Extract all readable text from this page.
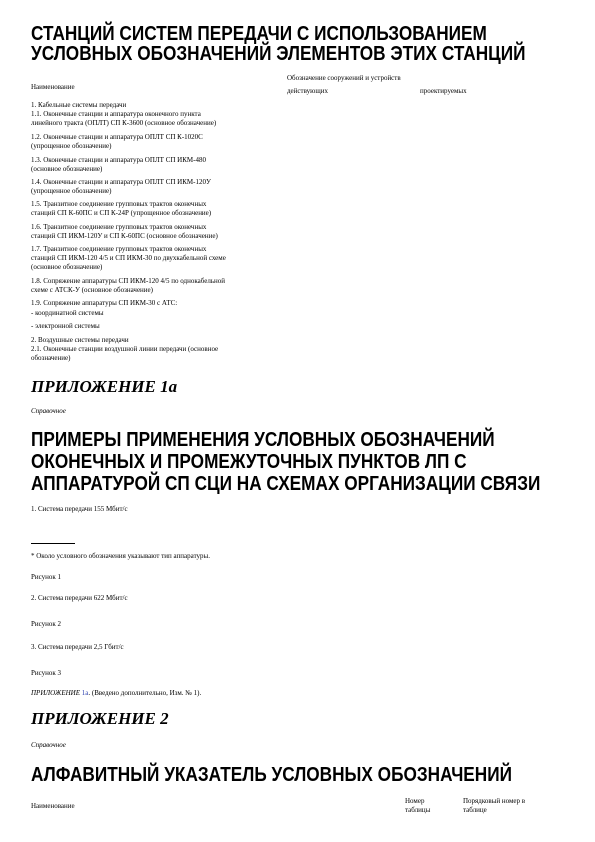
СТАНЦИЙ СИСТЕМ ПЕРЕДАЧИ С ИСПОЛЬЗОВАНИЕМ
УСЛОВНЫХ ОБОЗНАЧЕНИЙ ЭЛЕМЕНТОВ ЭТИХ СТАНЦИЙ
Наименование
Обозначение сооружений и устройств
действующих	проектируемых
1. Кабельные системы передачи
1.1. Оконечные станции и аппаратура оконечного пункта
линейного тракта (ОПЛТ) СП К-3600 (основное обозначение)
1.2. Оконечные станции и аппаратура ОПЛТ СП К-1020С
(упрощенное обозначение)
1.3. Оконечные станции и аппаратура ОПЛТ СП ИКМ-480
(основное обозначение)
1.4. Оконечные станции и аппаратура ОПЛТ СП ИКМ-120У
(упрощенное обозначение)
1.5. Транзитное соединение групповых трактов оконечных
станций СП К-60ПС и СП К-24Р (упрощенное обозначение)
1.6. Транзитное соединение групповых трактов оконечных
станций СП ИКМ-120У и СП К-60ПС (основное обозначение)
1.7. Транзитное соединение групповых трактов оконечных
станций СП ИКМ-120 4/5 и СП ИКМ-30 по двухкабельной схеме
(основное обозначение)
1.8. Сопряжение аппаратуры СП ИКМ-120 4/5 по однокабельной
схеме с АТСК-У (основное обозначение)
1.9. Сопряжение аппаратуры СП ИКМ-30 с АТС:
- координатной системы
- электронной системы
2. Воздушные системы передачи
2.1. Оконечные станции воздушной линии передачи (основное
обозначение)
ПРИЛОЖЕНИЕ 1а
Справочное
ПРИМЕРЫ ПРИМЕНЕНИЯ УСЛОВНЫХ ОБОЗНАЧЕНИЙ
ОКОНЕЧНЫХ И ПРОМЕЖУТОЧНЫХ ПУНКТОВ ЛП С
АППАРАТУРОЙ СП СЦИ НА СХЕМАХ ОРГАНИЗАЦИИ СВЯЗИ
1. Система передачи 155 Мбит/с
* Около условного обозначения указывают тип аппаратуры.
Рисунок 1
2. Система передачи 622 Мбит/с
Рисунок 2
3. Система передачи 2,5 Гбит/с
Рисунок 3
ПРИЛОЖЕНИЕ 1а. (Введено дополнительно, Изм. № 1).
ПРИЛОЖЕНИЕ 2
Справочное
АЛФАВИТНЫЙ УКАЗАТЕЛЬ УСЛОВНЫХ ОБОЗНАЧЕНИЙ
Наименование
Номер
таблицы
Порядковый номер в
таблице
